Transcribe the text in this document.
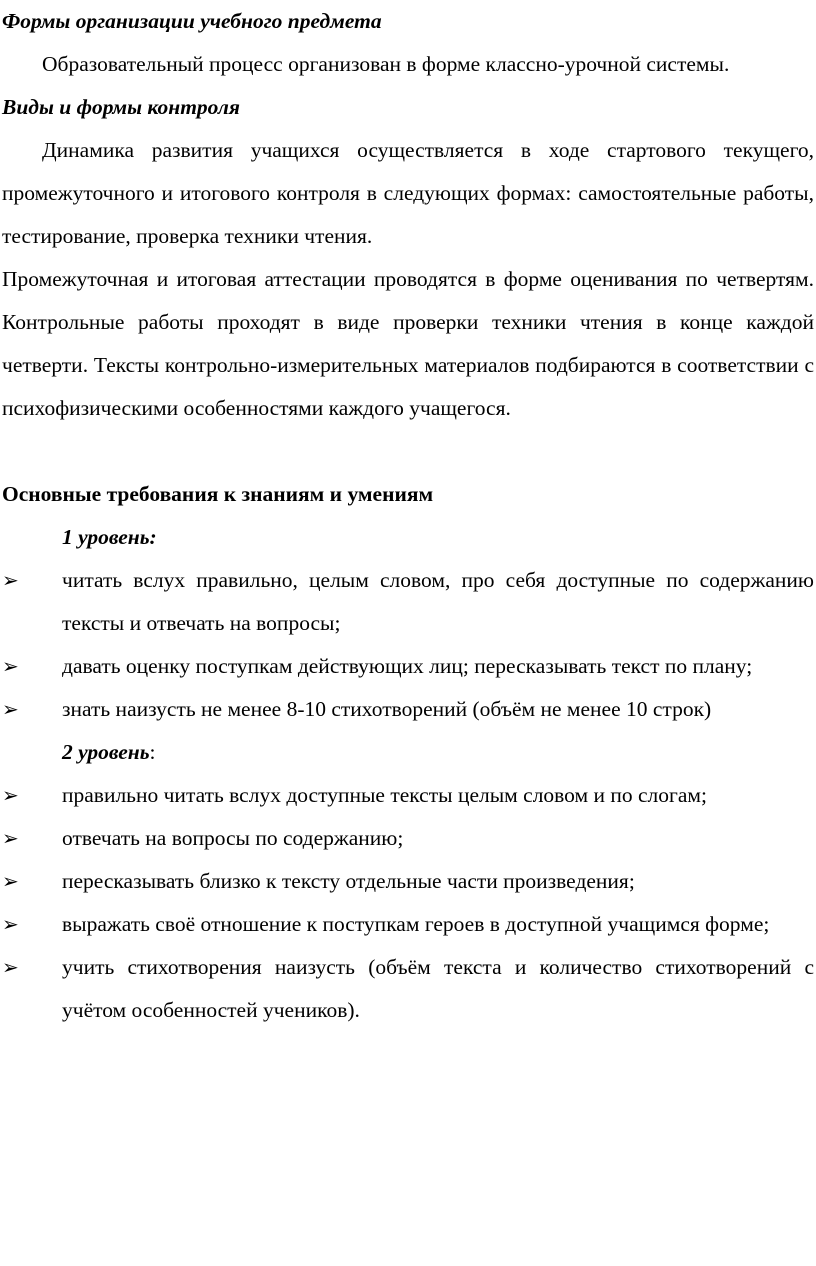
Формы организации учебного предмета

Образовательный процесс организован в форме классно-урочной системы.

Виды и формы контроля

Динамика развития учащихся осуществляется в ходе стартового текущего, промежуточного и итогового контроля в следующих формах: самостоятельные работы, тестирование, проверка техники чтения.

Промежуточная и итоговая аттестации проводятся в форме оценивания по четвертям. Контрольные работы проходят в виде проверки техники чтения в конце каждой четверти. Тексты контрольно-измерительных материалов подбираются в соответствии с психофизическими особенностями каждого учащегося.

Основные требования к знаниям и умениям

1 уровень:

➢	читать вслух правильно, целым словом, про себя доступные по содержанию тексты и отвечать на вопросы;
➢	давать оценку поступкам действующих лиц; пересказывать текст по плану;
➢	знать наизусть не менее 8-10 стихотворений (объём не менее 10 строк)

2 уровень:

➢	правильно читать вслух доступные тексты целым словом и по слогам;
➢	отвечать на вопросы по содержанию;
➢	пересказывать близко к тексту отдельные части произведения;
➢	выражать своё отношение к поступкам героев в доступной учащимся форме;
➢	учить стихотворения наизусть (объём текста и количество стихотворений с учётом особенностей учеников).
